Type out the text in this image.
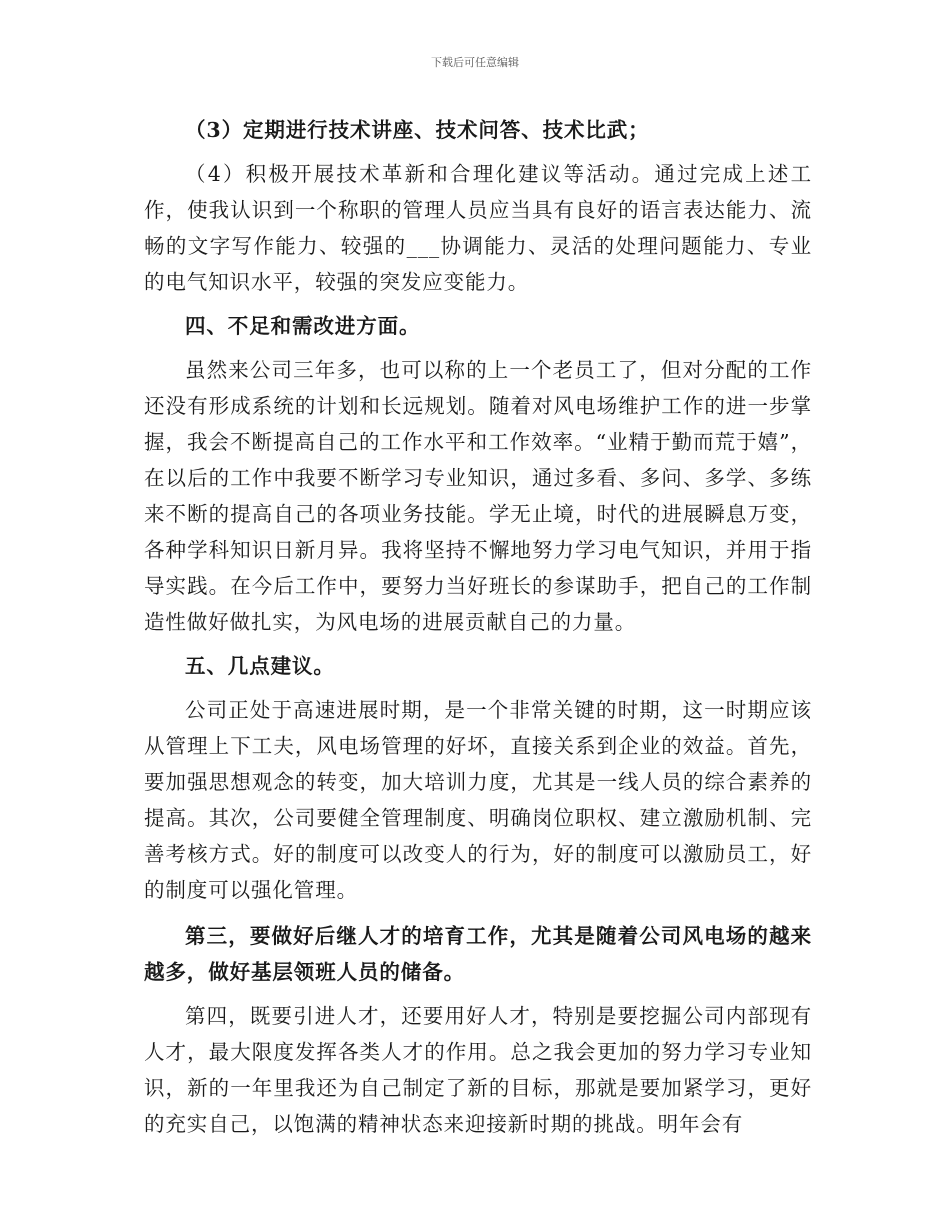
下载后可任意编辑

（3）定期进行技术讲座、技术问答、技术比武；

（4）积极开展技术革新和合理化建议等活动。通过完成上述工作，使我认识到一个称职的管理人员应当具有良好的语言表达能力、流畅的文字写作能力、较强的___协调能力、灵活的处理问题能力、专业的电气知识水平，较强的突发应变能力。

四、不足和需改进方面。

虽然来公司三年多，也可以称的上一个老员工了，但对分配的工作还没有形成系统的计划和长远规划。随着对风电场维护工作的进一步掌握，我会不断提高自己的工作水平和工作效率。“业精于勤而荒于嬉”，在以后的工作中我要不断学习专业知识，通过多看、多问、多学、多练来不断的提高自己的各项业务技能。学无止境，时代的进展瞬息万变，各种学科知识日新月异。我将坚持不懈地努力学习电气知识，并用于指导实践。在今后工作中，要努力当好班长的参谋助手，把自己的工作制造性做好做扎实，为风电场的进展贡献自己的力量。

五、几点建议。

公司正处于高速进展时期，是一个非常关键的时期，这一时期应该从管理上下工夫，风电场管理的好坏，直接关系到企业的效益。首先，要加强思想观念的转变，加大培训力度，尤其是一线人员的综合素养的提高。其次，公司要健全管理制度、明确岗位职权、建立激励机制、完善考核方式。好的制度可以改变人的行为，好的制度可以激励员工，好的制度可以强化管理。

第三，要做好后继人才的培育工作，尤其是随着公司风电场的越来越多，做好基层领班人员的储备。

第四，既要引进人才，还要用好人才，特别是要挖掘公司内部现有人才，最大限度发挥各类人才的作用。总之我会更加的努力学习专业知识，新的一年里我还为自己制定了新的目标，那就是要加紧学习，更好的充实自己，以饱满的精神状态来迎接新时期的挑战。明年会有
